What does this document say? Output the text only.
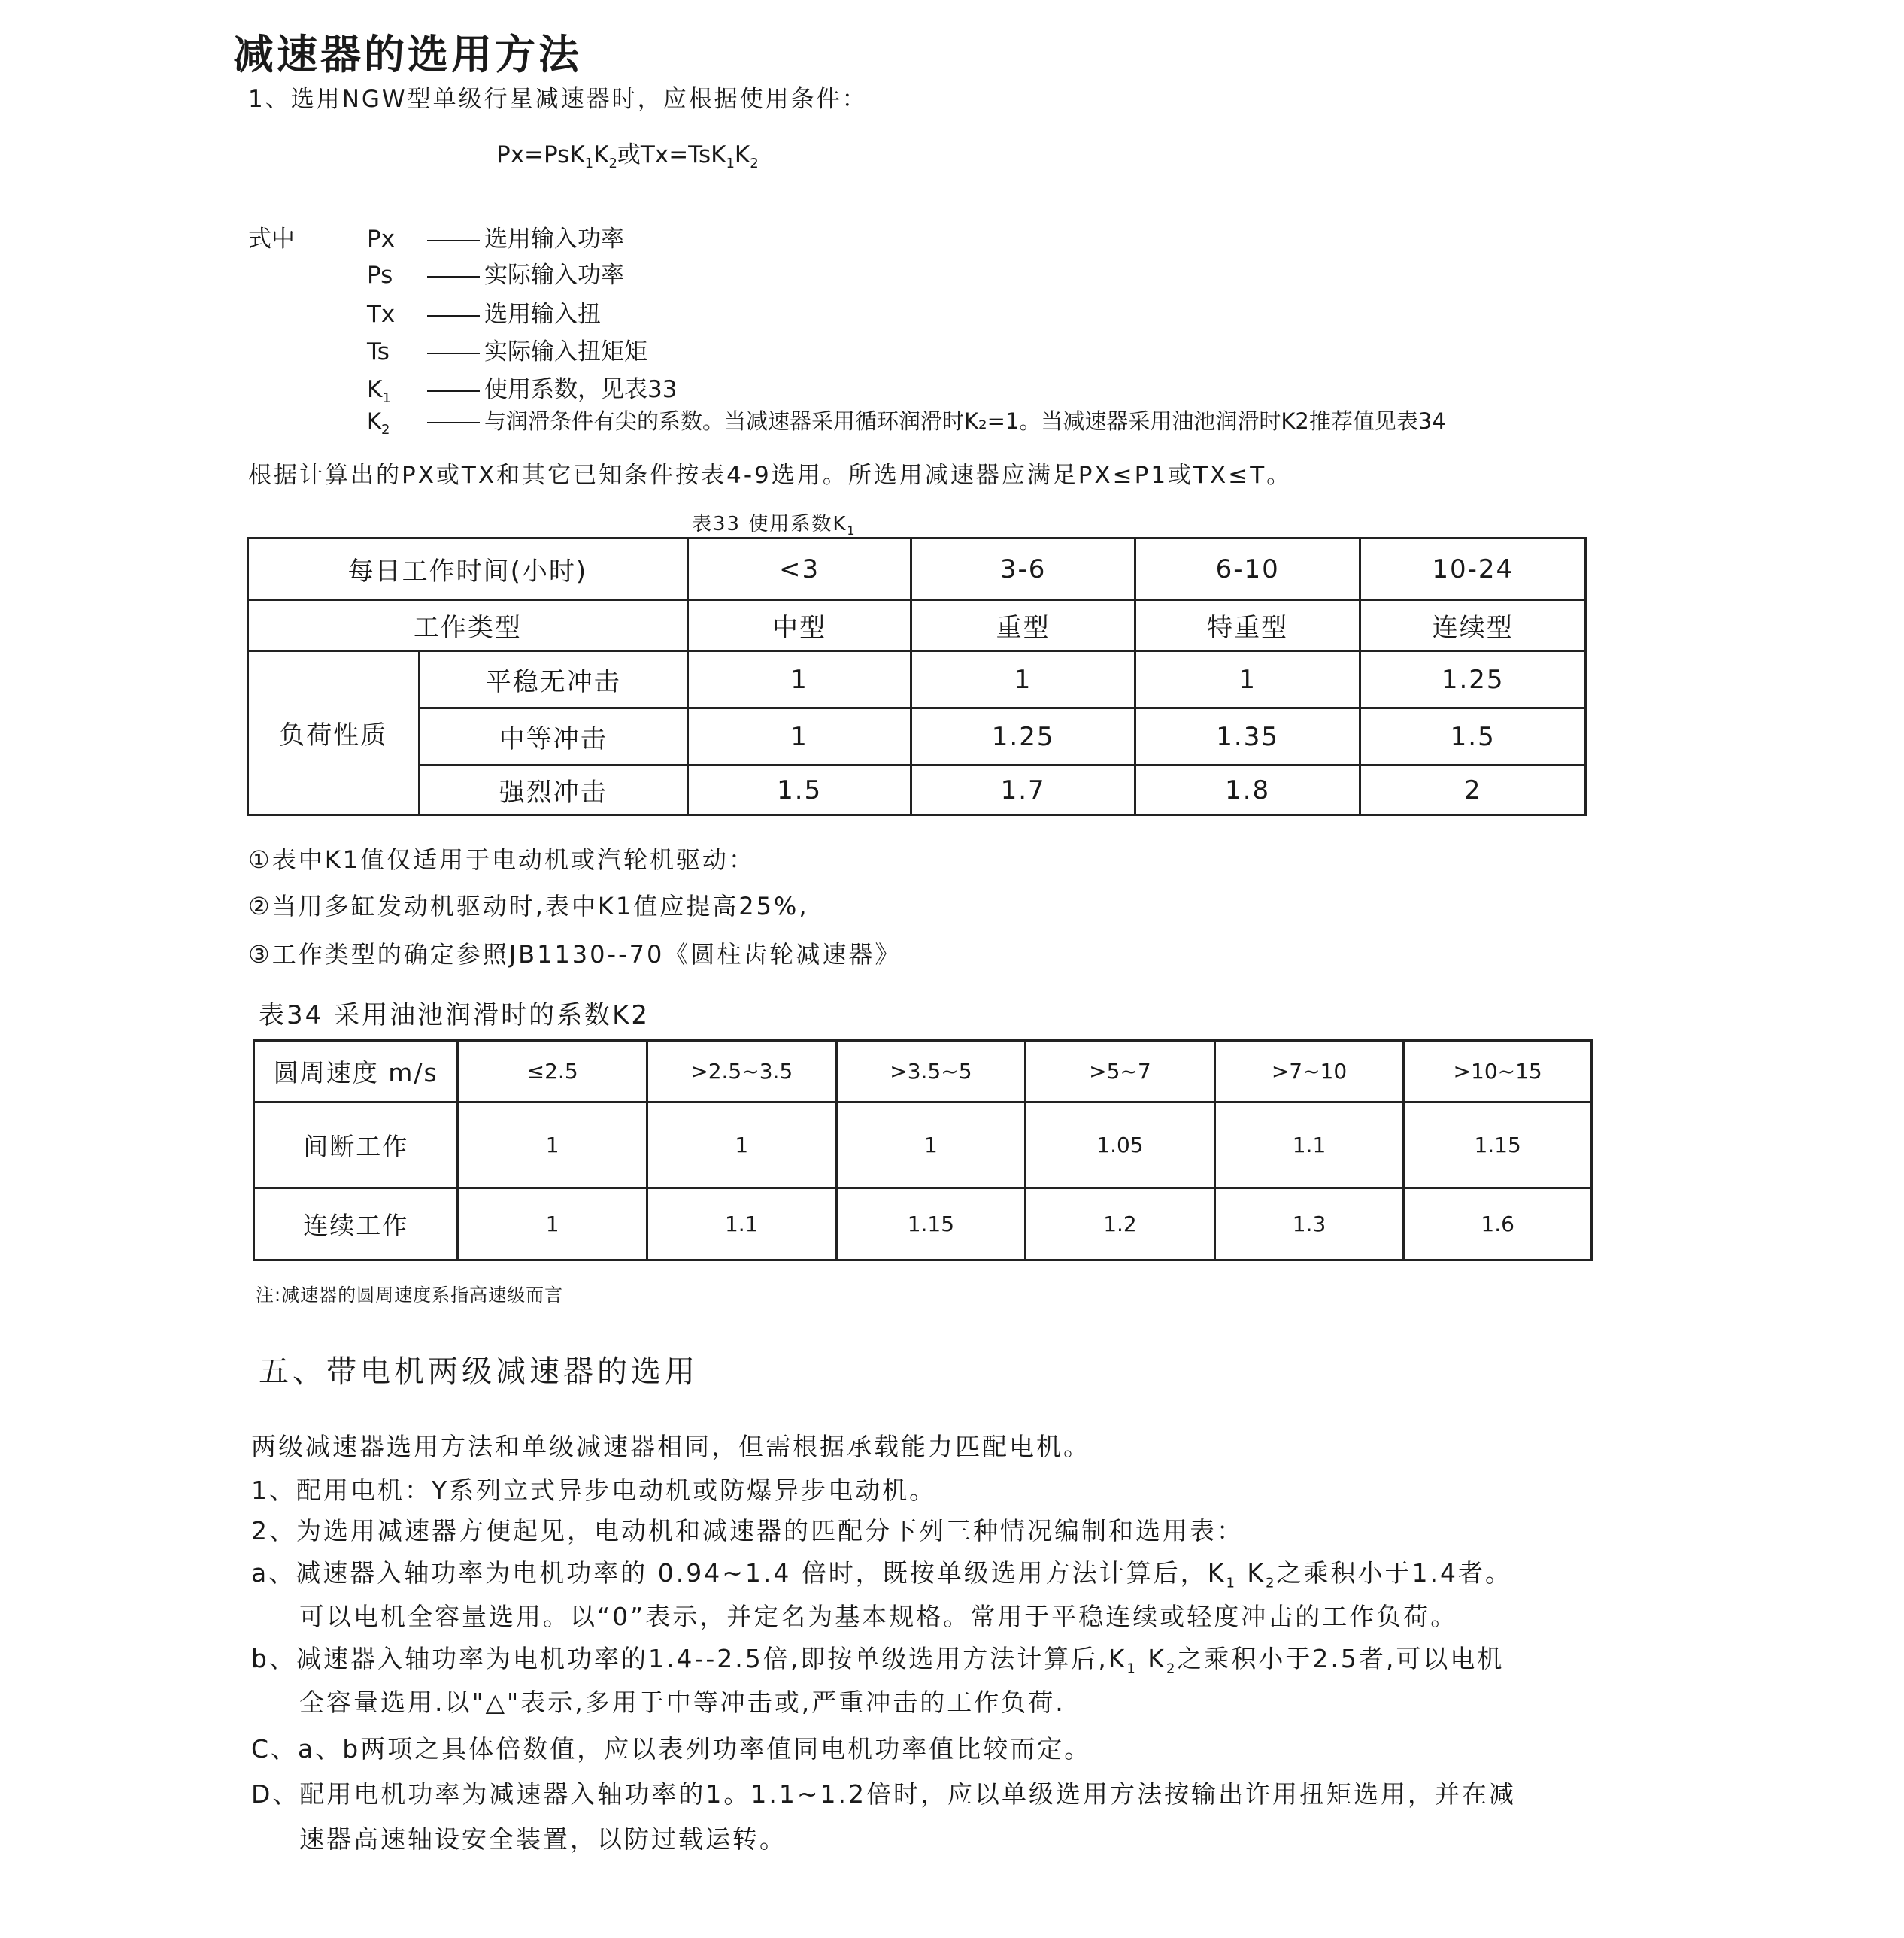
减速器的选用方法
1、选用NGW型单级行星减速器时，应根据使用条件：
$Px=PsK_1K_2$或$Tx=TsK_1K_2$
式中	Px	选用输入功率
Ps	实际输入功率
Tx	选用输入扭
Ts	实际输入扭矩矩
$K_1$	使用系数，见表33
$K_2$	与润滑条件有尖的系数。当减速器采用循环润滑时K₂=1。当减速器采用油池润滑时K2推荐值见表34
根据计算出的PX或TX和其它已知条件按表4-9选用。所选用减速器应满足PX≤P1或TX≤T。
表33 使用系数$K_1$
每日工作时间(小时)		<3	3-6	6-10	10-24
工作类型		中型	重型	特重型	连续型
负荷性质	平稳无冲击	1	1	1	1.25
	中等冲击	1	1.25	1.35	1.5
	强烈冲击	1.5	1.7	1.8	2
①表中K1值仅适用于电动机或汽轮机驱动：
②当用多缸发动机驱动时,表中K1值应提高25%,
③工作类型的确定参照JB1130--70《圆柱齿轮减速器》
表34 采用油池润滑时的系数K2
圆周速度 m/s	≤2.5	>2.5~3.5	>3.5~5	>5~7	>7~10	>10~15
间断工作	1	1	1	1.05	1.1	1.15
连续工作	1	1.1	1.15	1.2	1.3	1.6
注:减速器的圆周速度系指高速级而言
五、带电机两级减速器的选用
两级减速器选用方法和单级减速器相同，但需根据承载能力匹配电机。
1、配用电机：Y系列立式异步电动机或防爆异步电动机。
2、为选用减速器方便起见，电动机和减速器的匹配分下列三种情况编制和选用表：
a、减速器入轴功率为电机功率的 0.94~1.4 倍时，既按单级选用方法计算后，$K_1$ $K_2$之乘积小于1.4者。
可以电机全容量选用。以“0”表示，并定名为基本规格。常用于平稳连续或轻度冲击的工作负荷。
b、减速器入轴功率为电机功率的1.4--2.5倍,即按单级选用方法计算后$,K_1$ $K_2$之乘积小于2.5者,可以电机
全容量选用.以"△"表示,多用于中等冲击或,严重冲击的工作负荷.
C、a、b两项之具体倍数值，应以表列功率值同电机功率值比较而定。
D、配用电机功率为减速器入轴功率的1。1.1~1.2倍时，应以单级选用方法按输出许用扭矩选用，并在减
速器高速轴设安全装置，以防过载运转。
